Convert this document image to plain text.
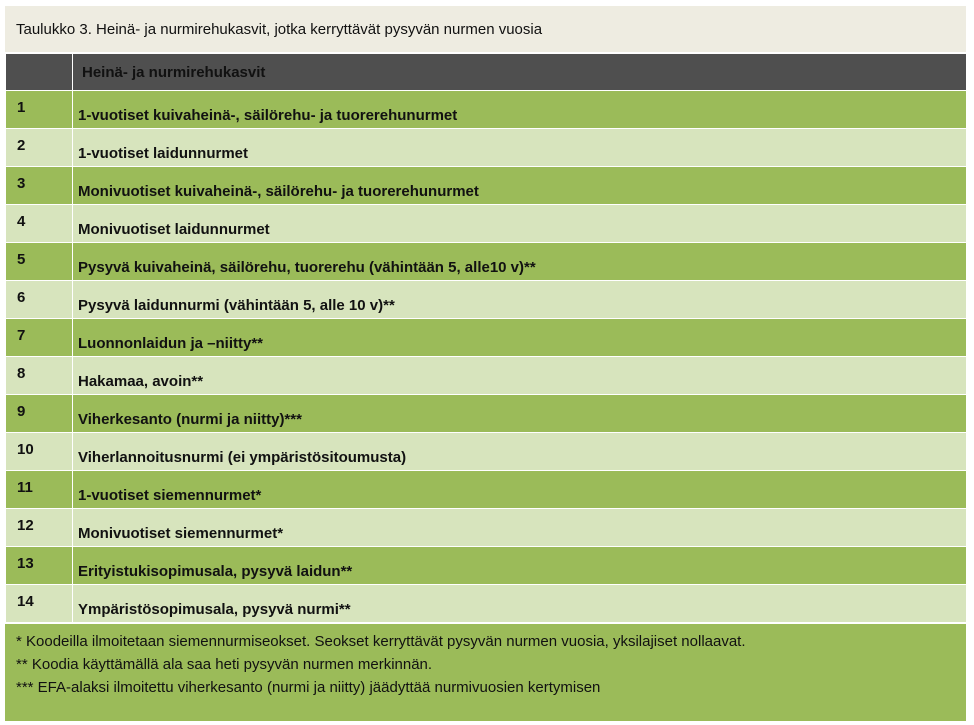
Taulukko 3. Heinä- ja nurmirehukasvit, jotka kerryttävät pysyvän nurmen vuosia
	Heinä- ja nurmirehukasvit
1	1-vuotiset kuivaheinä-, säilörehu- ja tuorerehunurmet
2	1-vuotiset laidunnurmet
3	Monivuotiset kuivaheinä-, säilörehu- ja tuorerehunurmet
4	Monivuotiset laidunnurmet
5	Pysyvä kuivaheinä, säilörehu, tuorerehu (vähintään 5, alle10 v)**
6	Pysyvä laidunnurmi (vähintään 5, alle 10 v)**
7	Luonnonlaidun ja –niitty**
8	Hakamaa, avoin**
9	Viherkesanto (nurmi ja niitty)***
10	Viherlannoitusnurmi (ei ympäristösitoumusta)
11	1-vuotiset siemennurmet*
12	Monivuotiset siemennurmet*
13	Erityistukisopimusala, pysyvä laidun**
14	Ympäristösopimusala, pysyvä nurmi**
* Koodeilla ilmoitetaan siemennurmiseokset. Seokset kerryttävät pysyvän nurmen vuosia, yksilajiset nollaavat.
** Koodia käyttämällä ala saa heti pysyvän nurmen merkinnän.
*** EFA-alaksi ilmoitettu viherkesanto (nurmi ja niitty) jäädyttää nurmivuosien kertymisen
